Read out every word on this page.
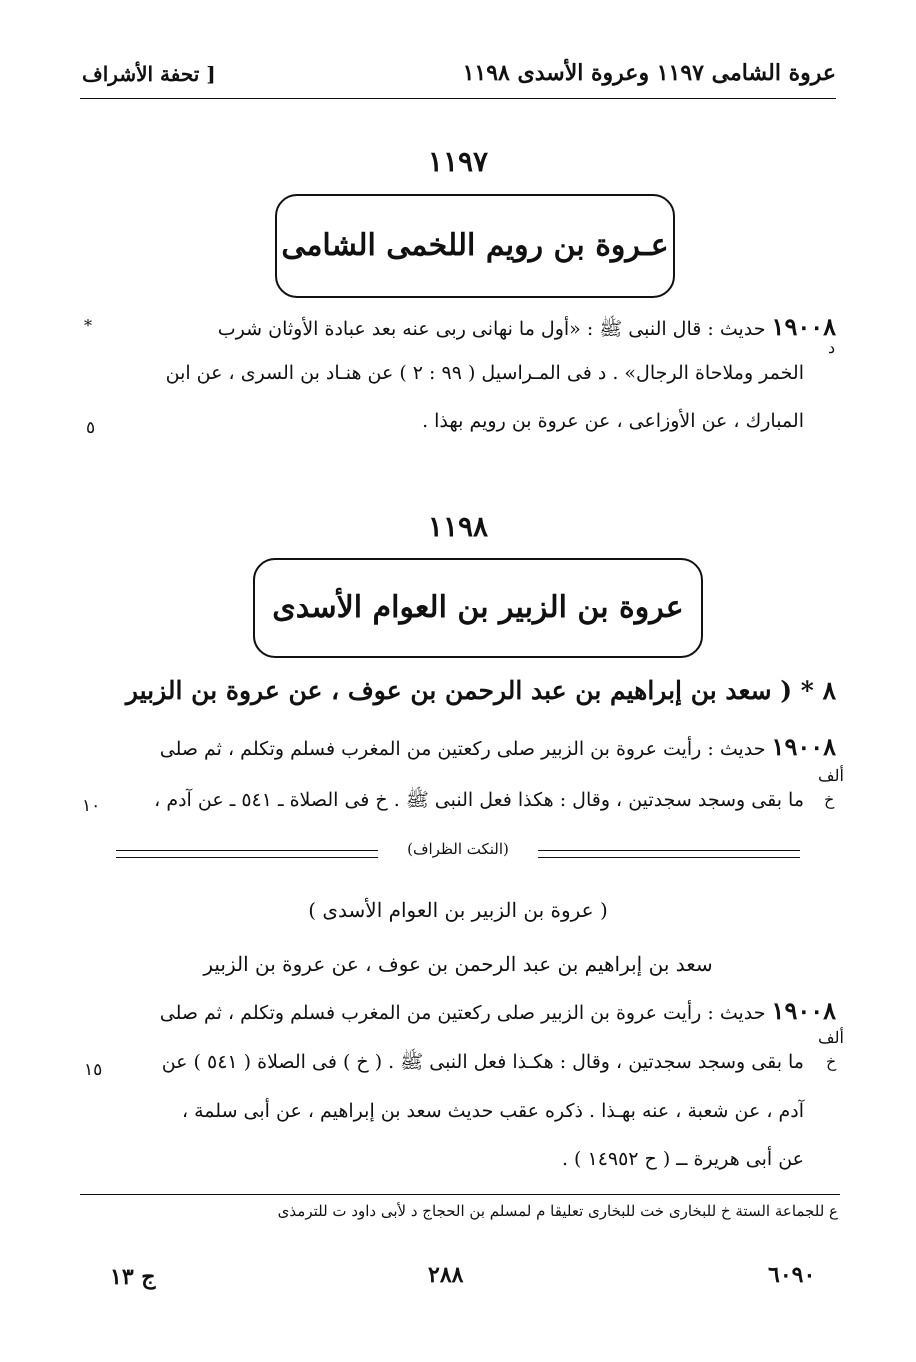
عروة الشامى ١١٩٧ وعروة الأسدى ١١٩٨
[ تحفة الأشراف
١١٩٧
عـروة بن رويم اللخمى الشامى
١٩٠٠٨ حديث : قال النبى ﷺ : «أول ما نهانى ربى عنه بعد عبادة الأوثان شرب
*
د
الخمر وملاحاة الرجال» . د فى المـراسيل ( ٩٩ : ٢ ) عن هنـاد بن السرى ، عن ابن
المبارك ، عن الأوزاعى ، عن عروة بن رويم بهذا .
٥
١١٩٨
عروة بن الزبير بن العوام الأسدى
٨ * ( سعد بن إبراهيم بن عبد الرحمن بن عوف ، عن عروة بن الزبير
١٩٠٠٨ حديث : رأيت عروة بن الزبير صلى ركعتين من المغرب فسلم وتكلم ، ثم صلى
ألف
خ
ما بقى وسجد سجدتين ، وقال : هكذا فعل النبى ﷺ . خ فى الصلاة ـ ٥٤١ ـ عن آدم ،
١٠
(النكت الظراف)
( عروة بن الزبير بن العوام الأسدى )
سعد بن إبراهيم بن عبد الرحمن بن عوف ، عن عروة بن الزبير
١٩٠٠٨ حديث : رأيت عروة بن الزبير صلى ركعتين من المغرب فسلم وتكلم ، ثم صلى
ألف
خ
ما بقى وسجد سجدتين ، وقال : هكـذا فعل النبى ﷺ . ( خ ) فى الصلاة ( ٥٤١ ) عن
١٥
آدم ، عن شعبة ، عنه بهـذا . ذكره عقب حديث سعد بن إبراهيم ، عن أبى سلمة ،
عن أبى هريرة ــ ( ح ١٤٩٥٢ ) .
ع للجماعة الستة خ للبخارى خت للبخارى تعليقا م لمسلم بن الحجاج د لأبى داود ت للترمذى
ج ١٣	٢٨٨	٦٠٩٠
